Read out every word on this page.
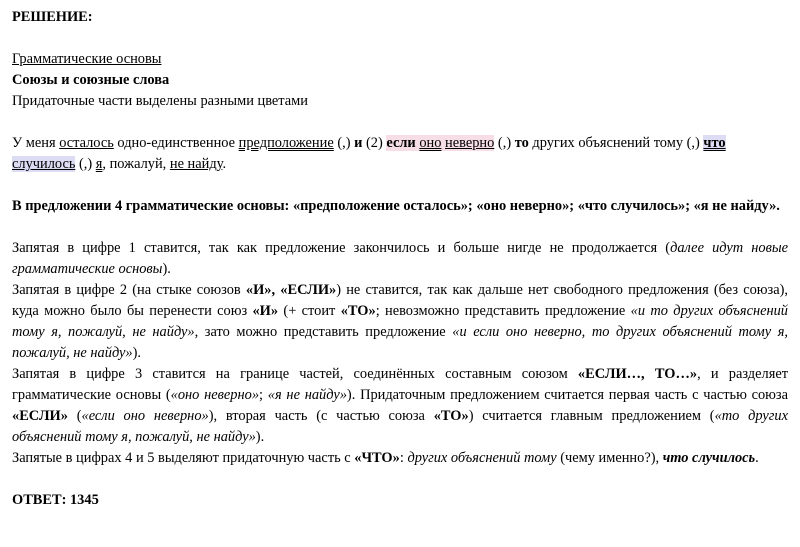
РЕШЕНИЕ:

Грамматические основы

Союзы и союзные слова

Придаточные части выделены разными цветами

У меня осталось одно-единственное предположение (,) и (2) если оно неверно (,) то других объяснений тому (,) что случилось (,) я, пожалуй, не найду.

В предложении 4 грамматические основы: «предположение осталось»; «оно неверно»; «что случилось»; «я не найду».

Запятая в цифре 1 ставится, так как предложение закончилось и больше нигде не продолжается (далее идут новые грамматические основы).

Запятая в цифре 2 (на стыке союзов «И», «ЕСЛИ») не ставится, так как дальше нет свободного предложения (без союза), куда можно было бы перенести союз «И» (+ стоит «ТО»; невозможно представить предложение «и то других объяснений тому я, пожалуй, не найду», зато можно представить предложение «и если оно неверно, то других объяснений тому я, пожалуй, не найду»).

Запятая в цифре 3 ставится на границе частей, соединённых составным союзом «ЕСЛИ…, ТО…», и разделяет грамматические основы («оно неверно»; «я не найду»). Придаточным предложением считается первая часть с частью союза «ЕСЛИ» («если оно неверно»), вторая часть (с частью союза «ТО») считается главным предложением («то других объяснений тому я, пожалуй, не найду»).

Запятые в цифрах 4 и 5 выделяют придаточную часть с «ЧТО»: других объяснений тому (чему именно?), что случилось.

ОТВЕТ: 1345
